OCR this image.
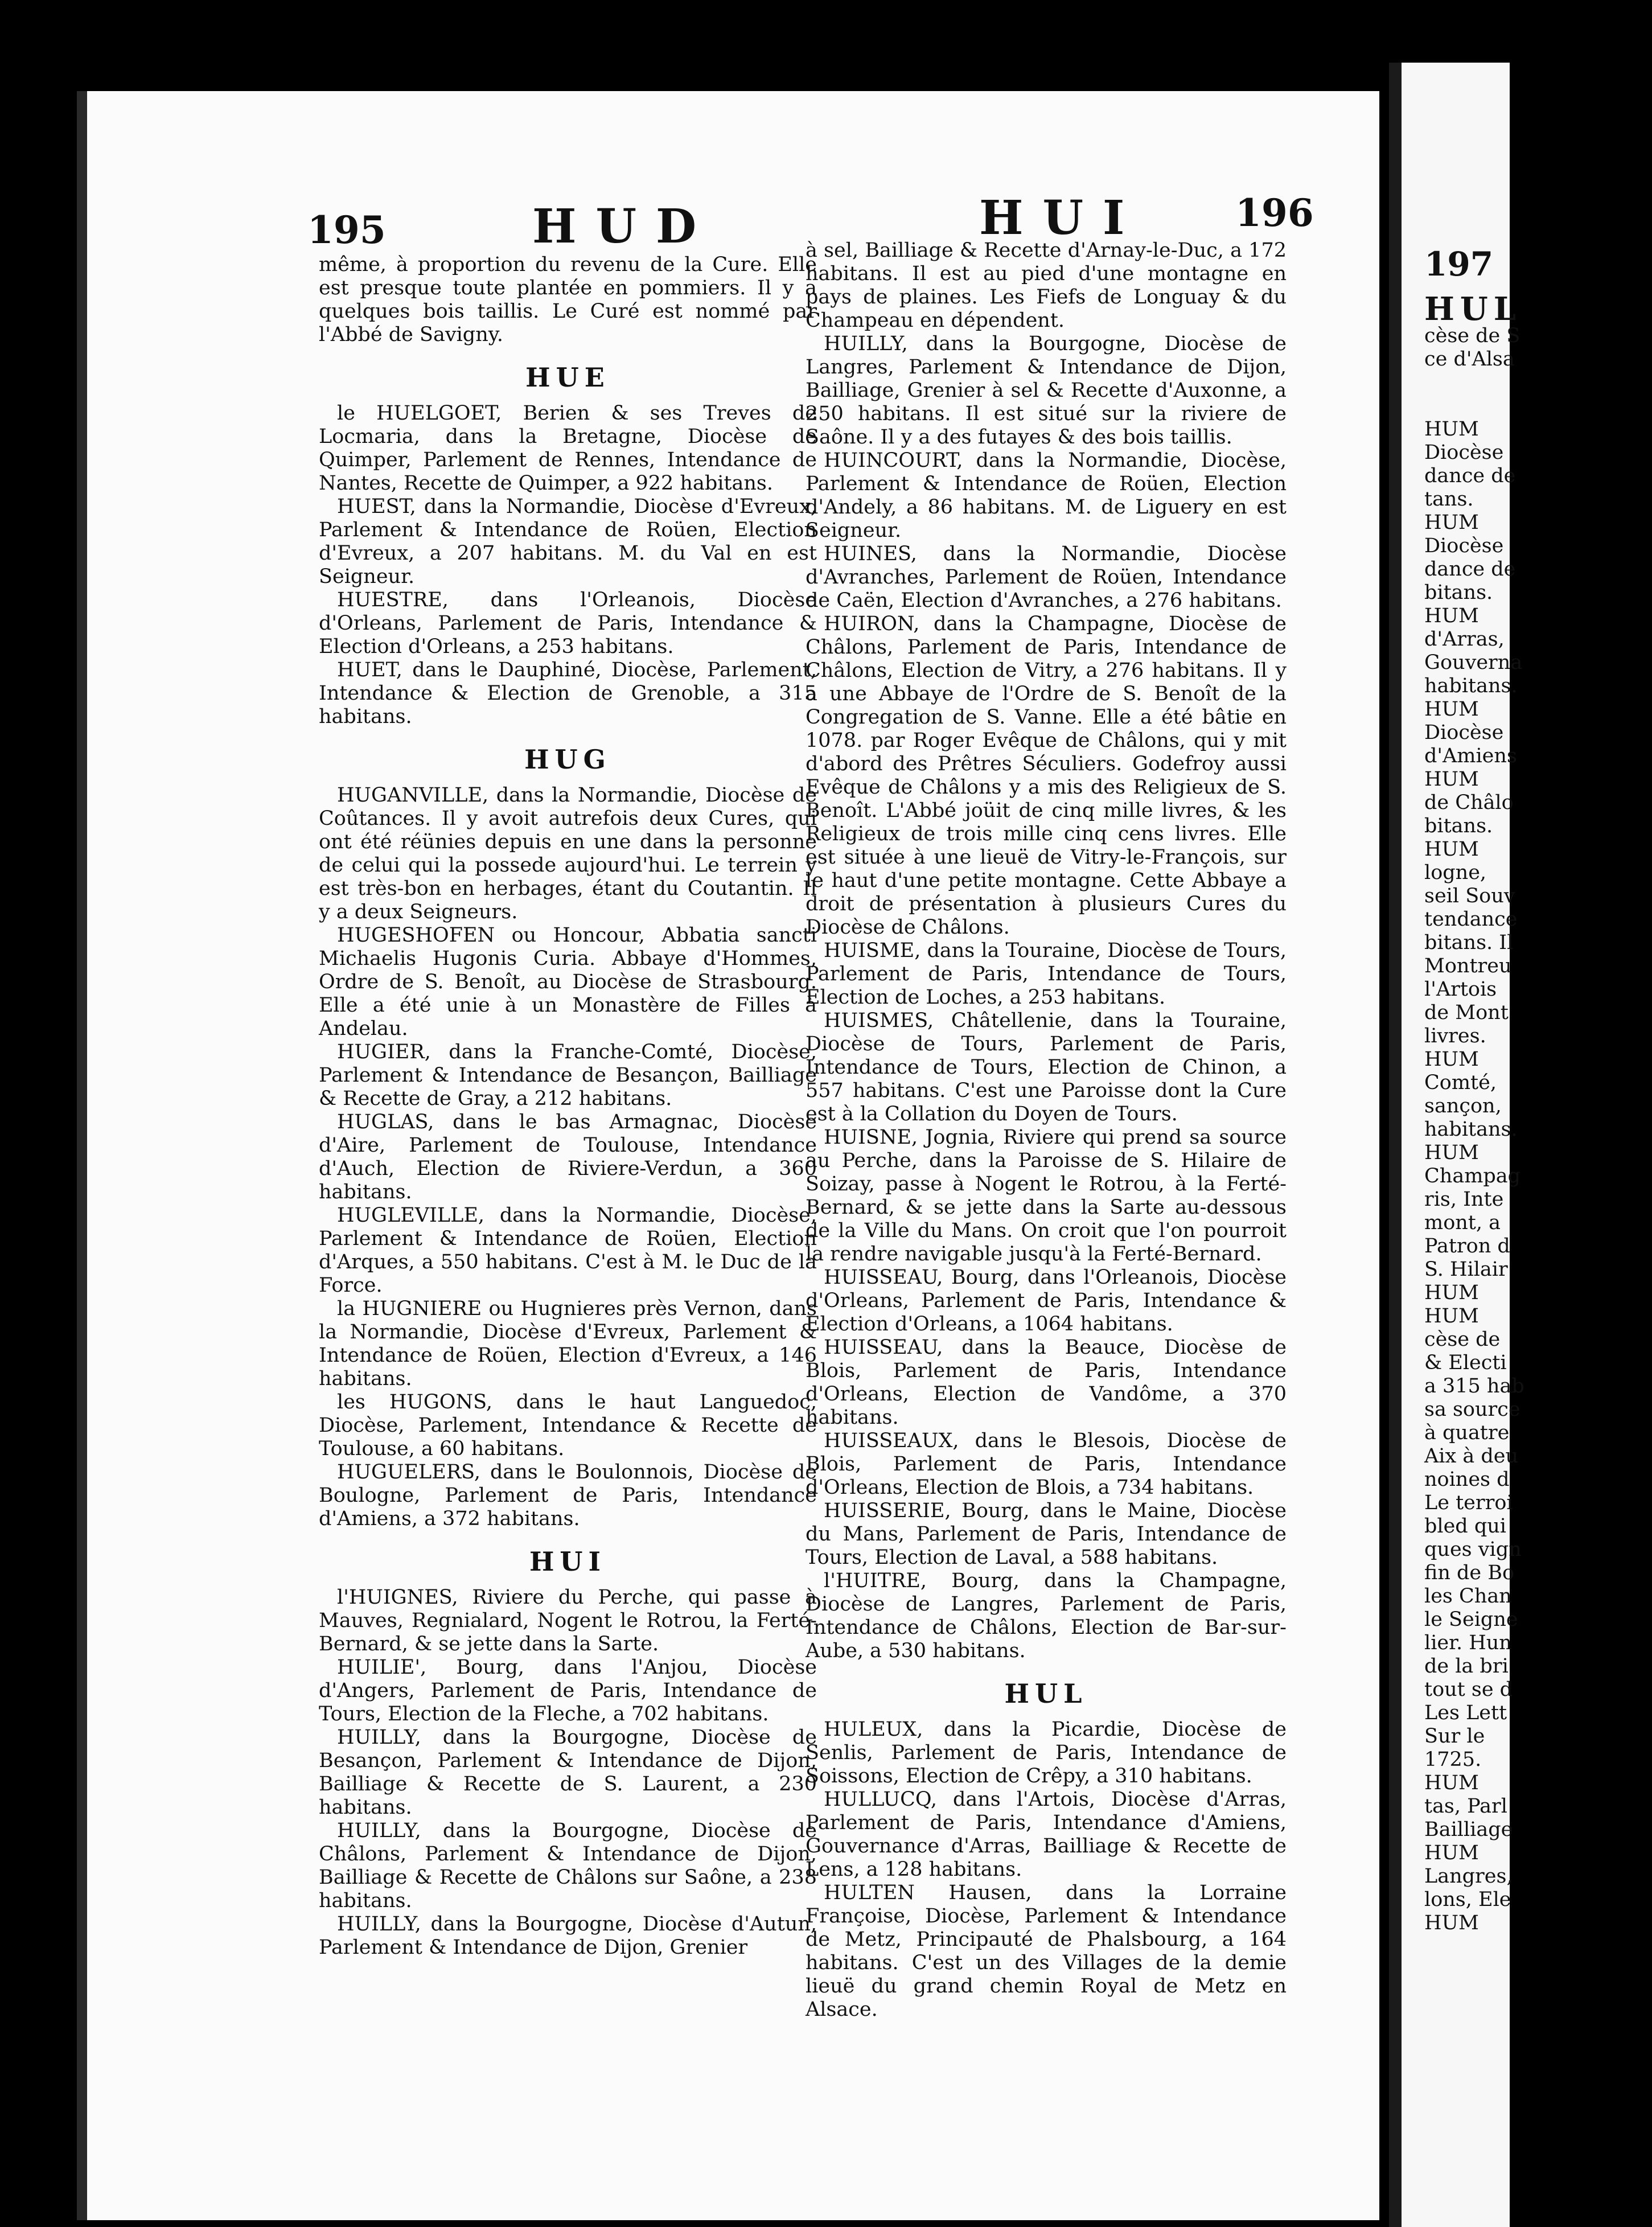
195	HUD	196
HUI

même, à proportion du revenu de la Cure. Elle est presque toute plantée en pommiers. Il y a quelques bois taillis. Le Curé est nommé par l'Abbé de Savigny.

HUE

le HUELGOET, Berien & ses Treves de Locmaria, dans la Bretagne, Diocèse de Quimper, Parlement de Rennes, Intendance de Nantes, Recette de Quimper, a 922 habitans.

HUEST, dans la Normandie, Diocèse d'Evreux, Parlement & Intendance de Roüen, Election d'Evreux, a 207 habitans. M. du Val en est Seigneur.

HUESTRE, dans l'Orleanois, Diocèse d'Orleans, Parlement de Paris, Intendance & Election d'Orleans, a 253 habitans.

HUET, dans le Dauphiné, Diocèse, Parlement, Intendance & Election de Grenoble, a 315 habitans.

HUG

HUGANVILLE, dans la Normandie, Diocèse de Coûtances. Il y avoit autrefois deux Cures, qui ont été réünies depuis en une dans la personne de celui qui la possede aujourd'hui. Le terrein y est très-bon en herbages, étant du Coutantin. Il y a deux Seigneurs.

HUGESHOFEN ou Honcour, Abbatia sancti Michaelis Hugonis Curia. Abbaye d'Hommes, Ordre de S. Benoît, au Diocèse de Strasbourg. Elle a été unie à un Monastère de Filles à Andelau.

HUGIER, dans la Franche-Comté, Diocèse, Parlement & Intendance de Besançon, Bailliage & Recette de Gray, a 212 habitans.

HUGLAS, dans le bas Armagnac, Diocèse d'Aire, Parlement de Toulouse, Intendance d'Auch, Election de Riviere-Verdun, a 360 habitans.

HUGLEVILLE, dans la Normandie, Diocèse, Parlement & Intendance de Roüen, Election d'Arques, a 550 habitans. C'est à M. le Duc de la Force.

la HUGNIERE ou Hugnieres près Vernon, dans la Normandie, Diocèse d'Evreux, Parlement & Intendance de Roüen, Election d'Evreux, a 146 habitans.

les HUGONS, dans le haut Languedoc, Diocèse, Parlement, Intendance & Recette de Toulouse, a 60 habitans.

HUGUELERS, dans le Boulonnois, Diocèse de Boulogne, Parlement de Paris, Intendance d'Amiens, a 372 habitans.

HUI

l'HUIGNES, Riviere du Perche, qui passe à Mauves, Regnialard, Nogent le Rotrou, la Ferté-Bernard, & se jette dans la Sarte.

HUILIE', Bourg, dans l'Anjou, Diocèse d'Angers, Parlement de Paris, Intendance de Tours, Election de la Fleche, a 702 habitans.

HUILLY, dans la Bourgogne, Diocèse de Besançon, Parlement & Intendance de Dijon, Bailliage & Recette de S. Laurent, a 230 habitans.

HUILLY, dans la Bourgogne, Diocèse de Châlons, Parlement & Intendance de Dijon, Bailliage & Recette de Châlons sur Saône, a 238 habitans.

HUILLY, dans la Bourgogne, Diocèse d'Autun, Parlement & Intendance de Dijon, Grenier

à sel, Bailliage & Recette d'Arnay-le-Duc, a 172 habitans. Il est au pied d'une montagne en pays de plaines. Les Fiefs de Longuay & du Champeau en dépendent.

HUILLY, dans la Bourgogne, Diocèse de Langres, Parlement & Intendance de Dijon, Bailliage, Grenier à sel & Recette d'Auxonne, a 250 habitans. Il est situé sur la riviere de Saône. Il y a des futayes & des bois taillis.

HUINCOURT, dans la Normandie, Diocèse, Parlement & Intendance de Roüen, Election d'Andely, a 86 habitans. M. de Liguery en est Seigneur.

HUINES, dans la Normandie, Diocèse d'Avranches, Parlement de Roüen, Intendance de Caën, Election d'Avranches, a 276 habitans.

HUIRON, dans la Champagne, Diocèse de Châlons, Parlement de Paris, Intendance de Châlons, Election de Vitry, a 276 habitans. Il y a une Abbaye de l'Ordre de S. Benoît de la Congregation de S. Vanne. Elle a été bâtie en 1078. par Roger Evêque de Châlons, qui y mit d'abord des Prêtres Séculiers. Godefroy aussi Evêque de Châlons y a mis des Religieux de S. Benoît. L'Abbé joüit de cinq mille livres, & les Religieux de trois mille cinq cens livres. Elle est située à une lieuë de Vitry-le-François, sur le haut d'une petite montagne. Cette Abbaye a droit de présentation à plusieurs Cures du Diocèse de Châlons.

HUISME, dans la Touraine, Diocèse de Tours, Parlement de Paris, Intendance de Tours, Election de Loches, a 253 habitans.

HUISMES, Châtellenie, dans la Touraine, Diocèse de Tours, Parlement de Paris, Intendance de Tours, Election de Chinon, a 557 habitans. C'est une Paroisse dont la Cure est à la Collation du Doyen de Tours.

HUISNE, Jognia, Riviere qui prend sa source au Perche, dans la Paroisse de S. Hilaire de Soizay, passe à Nogent le Rotrou, à la Ferté-Bernard, & se jette dans la Sarte au-dessous de la Ville du Mans. On croit que l'on pourroit la rendre navigable jusqu'à la Ferté-Bernard.

HUISSEAU, Bourg, dans l'Orleanois, Diocèse d'Orleans, Parlement de Paris, Intendance & Election d'Orleans, a 1064 habitans.

HUISSEAU, dans la Beauce, Diocèse de Blois, Parlement de Paris, Intendance d'Orleans, Election de Vandôme, a 370 habitans.

HUISSEAUX, dans le Blesois, Diocèse de Blois, Parlement de Paris, Intendance d'Orleans, Election de Blois, a 734 habitans.

HUISSERIE, Bourg, dans le Maine, Diocèse du Mans, Parlement de Paris, Intendance de Tours, Election de Laval, a 588 habitans.

l'HUITRE, Bourg, dans la Champagne, Diocèse de Langres, Parlement de Paris, Intendance de Châlons, Election de Bar-sur-Aube, a 530 habitans.

HUL

HULEUX, dans la Picardie, Diocèse de Senlis, Parlement de Paris, Intendance de Soissons, Election de Crêpy, a 310 habitans.

HULLUCQ, dans l'Artois, Diocèse d'Arras, Parlement de Paris, Intendance d'Amiens, Gouvernance d'Arras, Bailliage & Recette de Lens, a 128 habitans.

HULTEN Hausen, dans la Lorraine Françoise, Diocèse, Parlement & Intendance de Metz, Principauté de Phalsbourg, a 164 habitans. C'est un des Villages de la demie lieuë du grand chemin Royal de Metz en Alsace.

197
HUL
cèse de S
ce d'Alsa

HUM
Diocèse
dance de
tans.
HUM
Diocèse
dance de
bitans.
HUM
d'Arras,
Gouverna
habitans.
HUM
Diocèse
d'Amiens
HUM
de Châlo
bitans.
HUM
logne,
seil Souv
tendance
bitans. Il
Montreu
l'Artois
de Mont
livres.
HUM
Comté,
sançon,
habitans.
HUM
Champag
ris, Inte
mont, a
Patron d
S. Hilair
HUM
HUM
cèse de
& Electi
a 315 hab
sa source
à quatre
Aix à deu
noines d
Le terroi
bled qui
ques vign
fin de Bo
les Chan
le Seigne
lier. Hun
de la bri
tout se d
Les Lett
Sur le
1725.
HUM
tas, Parl
Bailliage
HUM
Langres,
lons, Ele
HUM
